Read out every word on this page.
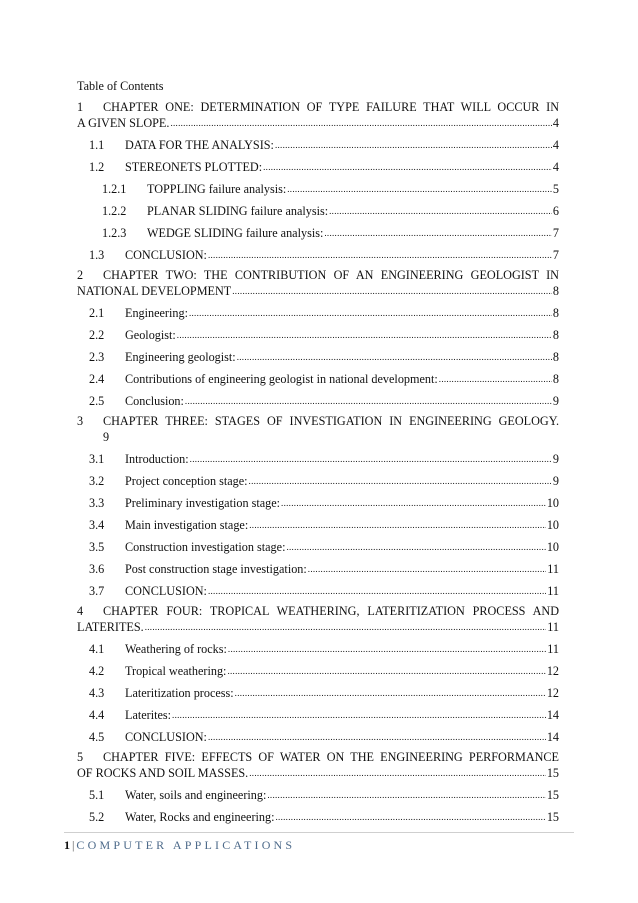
Table of Contents
1	CHAPTER ONE: DETERMINATION OF TYPE FAILURE THAT WILL OCCUR IN
A GIVEN SLOPE. .....	4
1.1	DATA FOR THE ANALYSIS: .....	4
1.2	STEREONETS PLOTTED: .....	4
1.2.1	TOPPLING failure analysis: .....	5
1.2.2	PLANAR SLIDING failure analysis: .....	6
1.2.3	WEDGE SLIDING failure analysis: .....	7
1.3	CONCLUSION: .....	7
2	CHAPTER TWO: THE CONTRIBUTION OF AN ENGINEERING GEOLOGIST IN
NATIONAL DEVELOPMENT .....	8
2.1	Engineering: .....	8
2.2	Geologist: .....	8
2.3	Engineering geologist: .....	8
2.4	Contributions of engineering geologist in national development: .....	8
2.5	Conclusion: .....	9
3	CHAPTER THREE: STAGES OF INVESTIGATION IN ENGINEERING GEOLOGY.
9
3.1	Introduction: .....	9
3.2	Project conception stage: .....	9
3.3	Preliminary investigation stage: .....	10
3.4	Main investigation stage: .....	10
3.5	Construction investigation stage: .....	10
3.6	Post construction stage investigation: .....	11
3.7	CONCLUSION: .....	11
4	CHAPTER FOUR: TROPICAL WEATHERING, LATERITIZATION PROCESS AND
LATERITES. .....	11
4.1	Weathering of rocks: .....	11
4.2	Tropical weathering: .....	12
4.3	Lateritization process: .....	12
4.4	Laterites: .....	14
4.5	CONCLUSION: .....	14
5	CHAPTER FIVE: EFFECTS OF WATER ON THE ENGINEERING PERFORMANCE
OF ROCKS AND SOIL MASSES. .....	15
5.1	Water, soils and engineering: .....	15
5.2	Water, Rocks and engineering: .....	15
1 | COMPUTER APPLICATIONS
